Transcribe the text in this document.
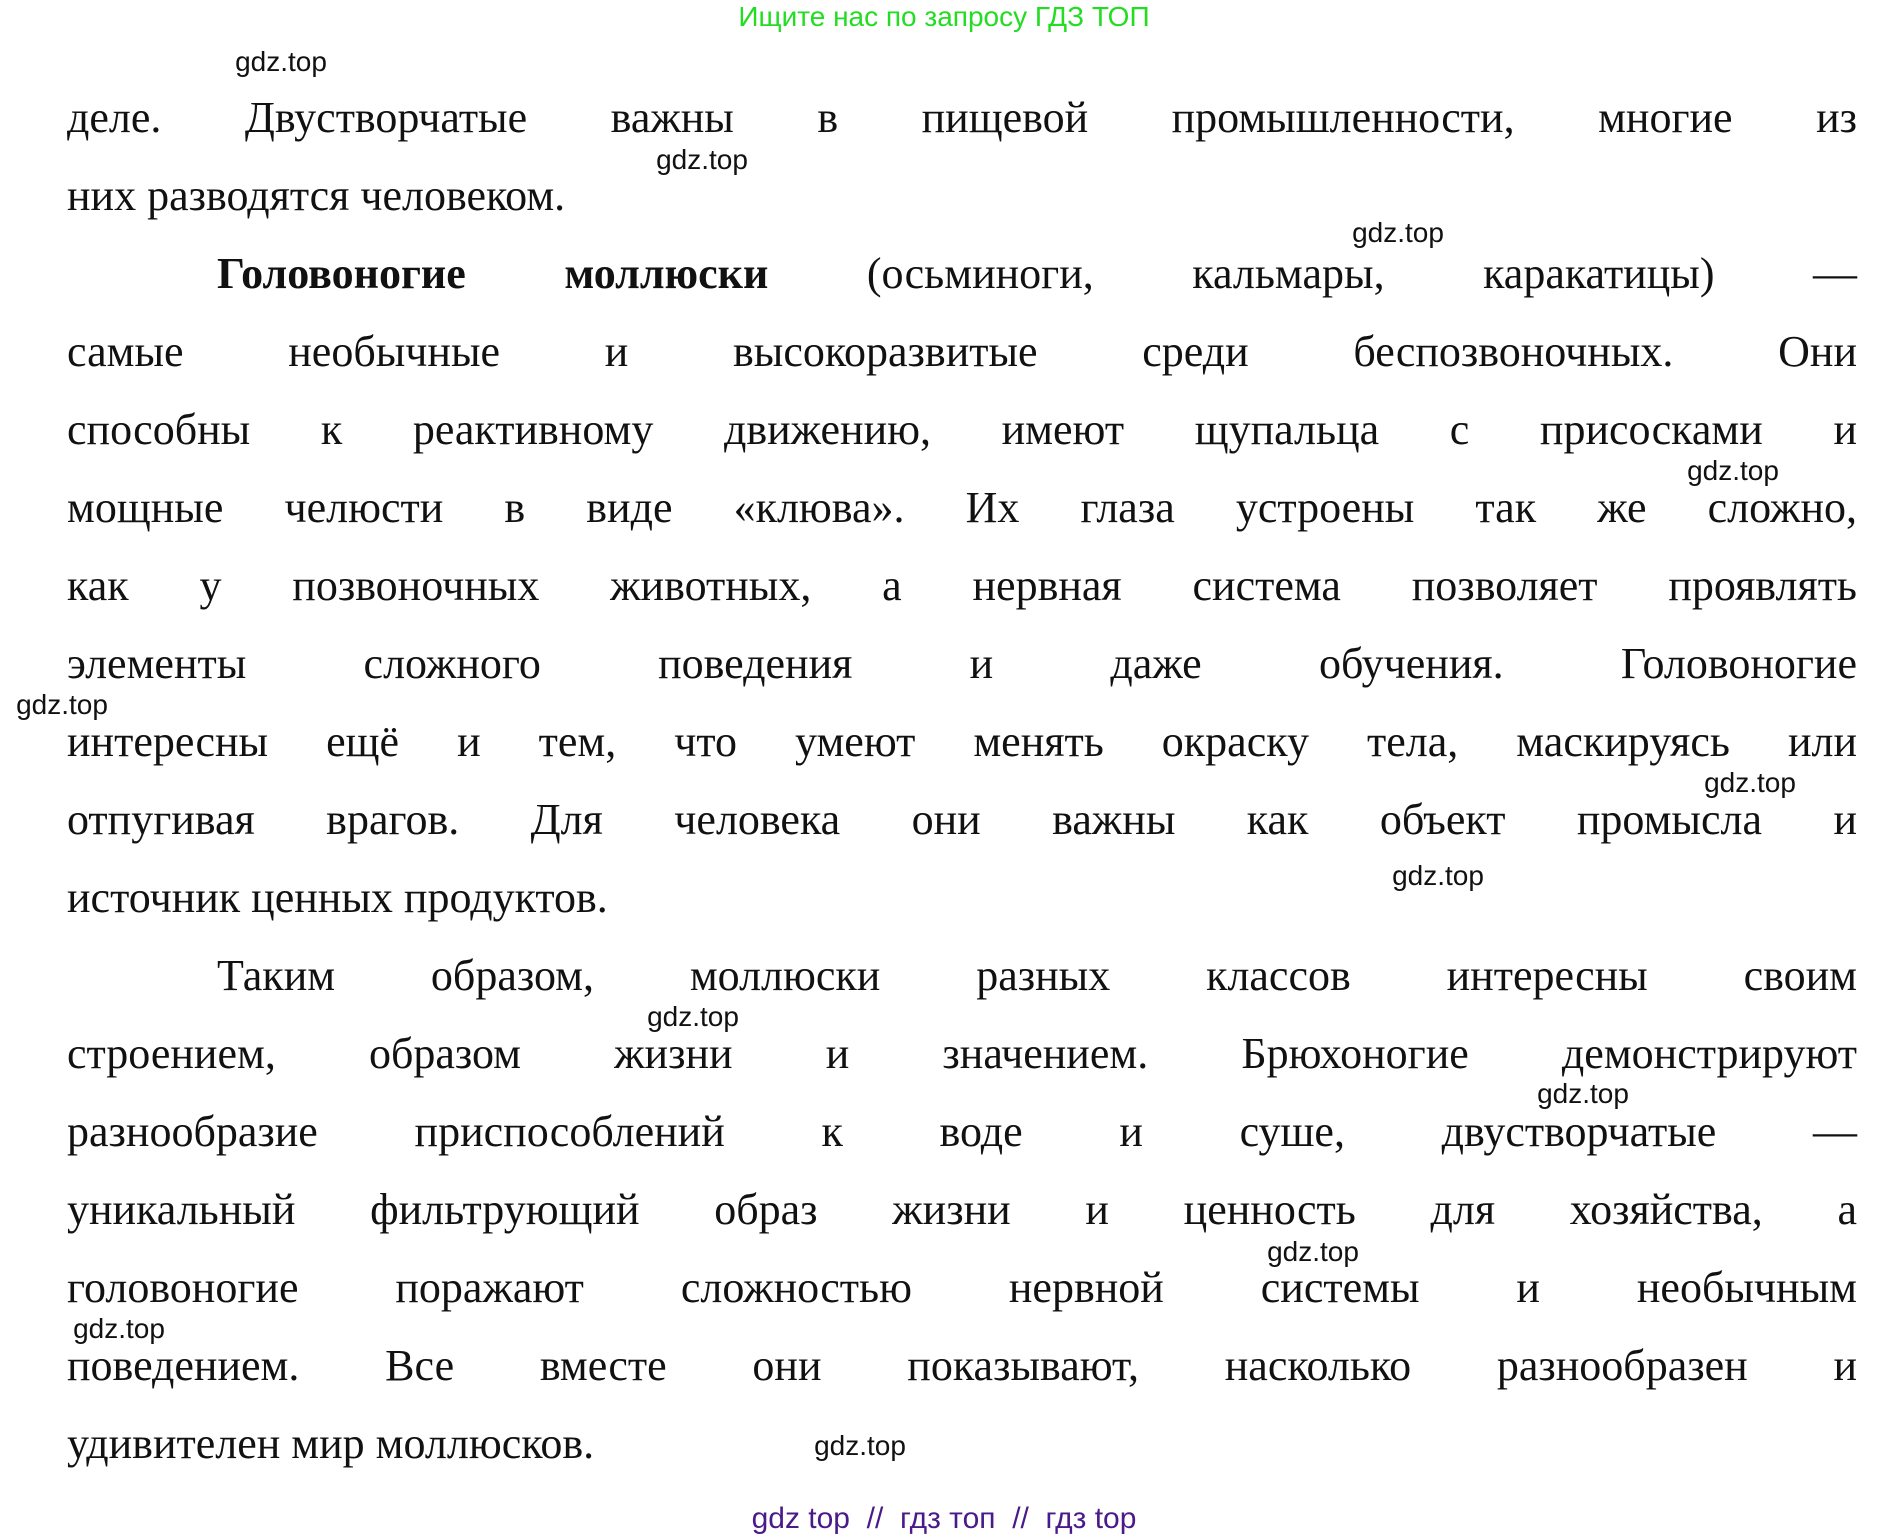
Ищите нас по запросу ГДЗ ТОП
деле. Двустворчатые важны в пищевой промышленности, многие из
них разводятся человеком.
Головоногие моллюски (осьминоги, кальмары, каракатицы) —
самые необычные и высокоразвитые среди беспозвоночных. Они
способны к реактивному движению, имеют щупальца с присосками и
мощные челюсти в виде «клюва». Их глаза устроены так же сложно,
как у позвоночных животных, а нервная система позволяет проявлять
элементы сложного поведения и даже обучения. Головоногие
интересны ещё и тем, что умеют менять окраску тела, маскируясь или
отпугивая врагов. Для человека они важны как объект промысла и
источник ценных продуктов.
Таким образом, моллюски разных классов интересны своим
строением, образом жизни и значением. Брюхоногие демонстрируют
разнообразие приспособлений к воде и суше, двустворчатые —
уникальный фильтрующий образ жизни и ценность для хозяйства, а
головоногие поражают сложностью нервной системы и необычным
поведением. Все вместе они показывают, насколько разнообразен и
удивителен мир моллюсков.
gdz.top
gdz.top
gdz.top
gdz.top
gdz.top
gdz.top
gdz.top
gdz.top
gdz.top
gdz.top
gdz.top
gdz.top
gdz top  //  гдз топ  //  гдз top
